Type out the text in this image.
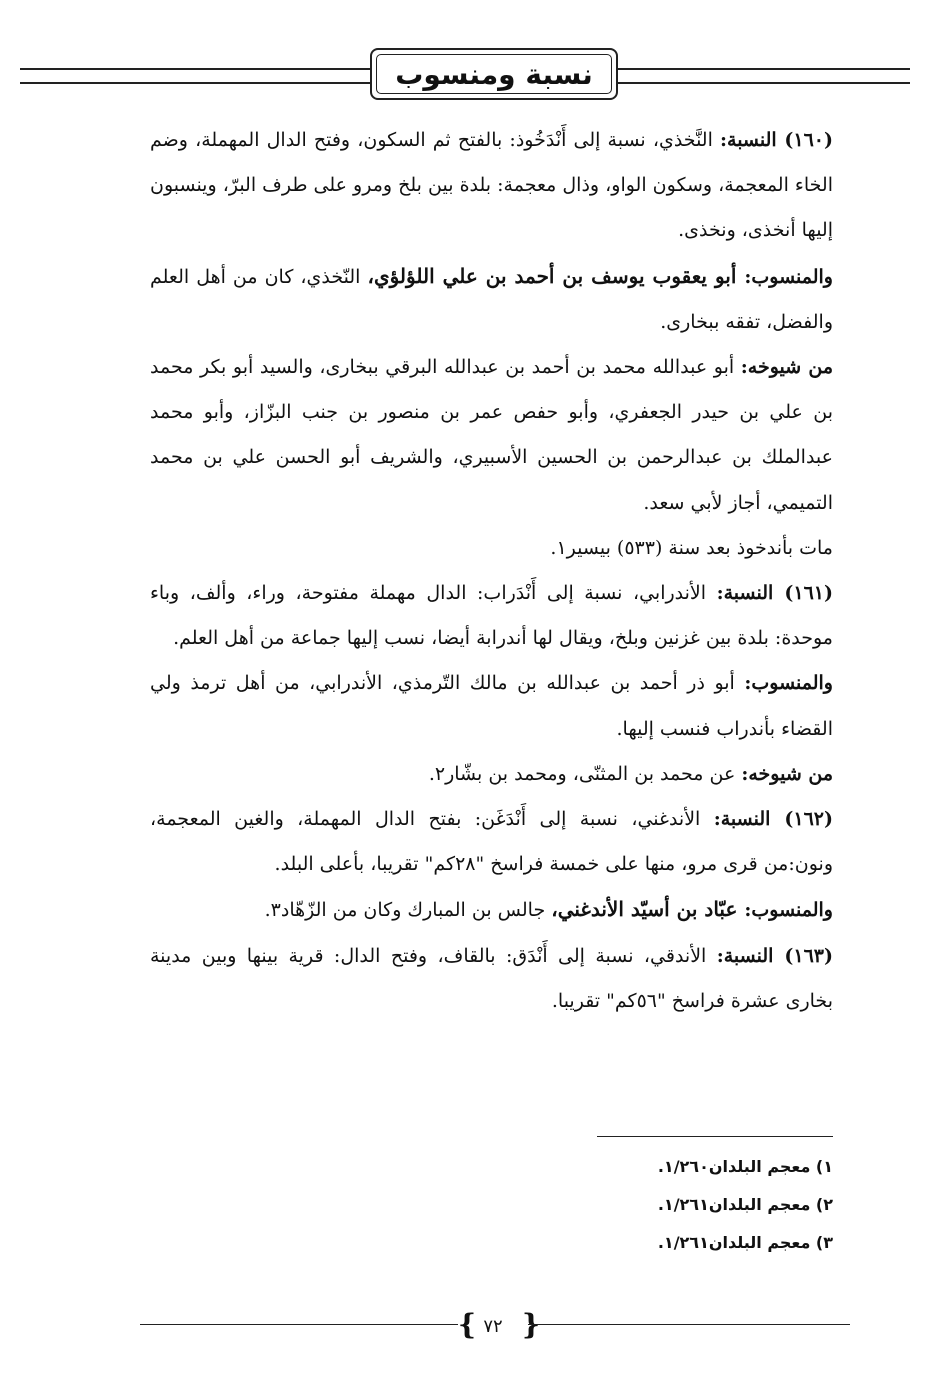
نسبة ومنسوب

(١٦٠) النسبة: النَّخذي، نسبة إلى أَنْدَخُوذ: بالفتح ثم السكون، وفتح الدال المهملة، وضم الخاء المعجمة، وسكون الواو، وذال معجمة: بلدة بين بلخ ومرو على طرف البرّ، وينسبون إليها أنخذى، ونخذى.

والمنسوب: أبو يعقوب يوسف بن أحمد بن علي اللؤلؤي، النّخذي، كان من أهل العلم والفضل، تفقه ببخارى.

من شيوخه: أبو عبدالله محمد بن أحمد بن عبدالله البرقي ببخارى، والسيد أبو بكر محمد بن علي بن حيدر الجعفري، وأبو حفص عمر بن منصور بن جنب البزّاز، وأبو محمد عبدالملك بن عبدالرحمن بن الحسين الأسبيري، والشريف أبو الحسن علي بن محمد التميمي، أجاز لأبي سعد.

مات بأندخوذ بعد سنة (٥٣٣) بيسير١.

(١٦١) النسبة: الأندرابي، نسبة إلى أَنْدَراب: الدال مهملة مفتوحة، وراء، وألف، وباء موحدة: بلدة بين غزنين وبلخ، ويقال لها أندرابة أيضا، نسب إليها جماعة من أهل العلم.

والمنسوب: أبو ذر أحمد بن عبدالله بن مالك التّرمذي، الأندرابي، من أهل ترمذ ولي القضاء بأندراب فنسب إليها.

من شيوخه: عن محمد بن المثنّى، ومحمد بن بشّار٢.

(١٦٢) النسبة: الأندغني، نسبة إلى أَنْدَغَن: بفتح الدال المهملة، والغين المعجمة، ونون:من قرى مرو، منها على خمسة فراسخ "٢٨كم" تقريبا، بأعلى البلد.

والمنسوب: عبّاد بن أسيّد الأندغني، جالس بن المبارك وكان من الزّهّاد٣.

(١٦٣) النسبة: الأندقي، نسبة إلى أَنْدَق: بالقاف، وفتح الدال: قرية بينها وبين مدينة بخارى عشرة فراسخ "٥٦كم" تقريبا.

١) معجم البلدان١/٢٦٠.

٢) معجم البلدان١/٢٦١.

٣) معجم البلدان١/٢٦١.

{ ٧٢ }
